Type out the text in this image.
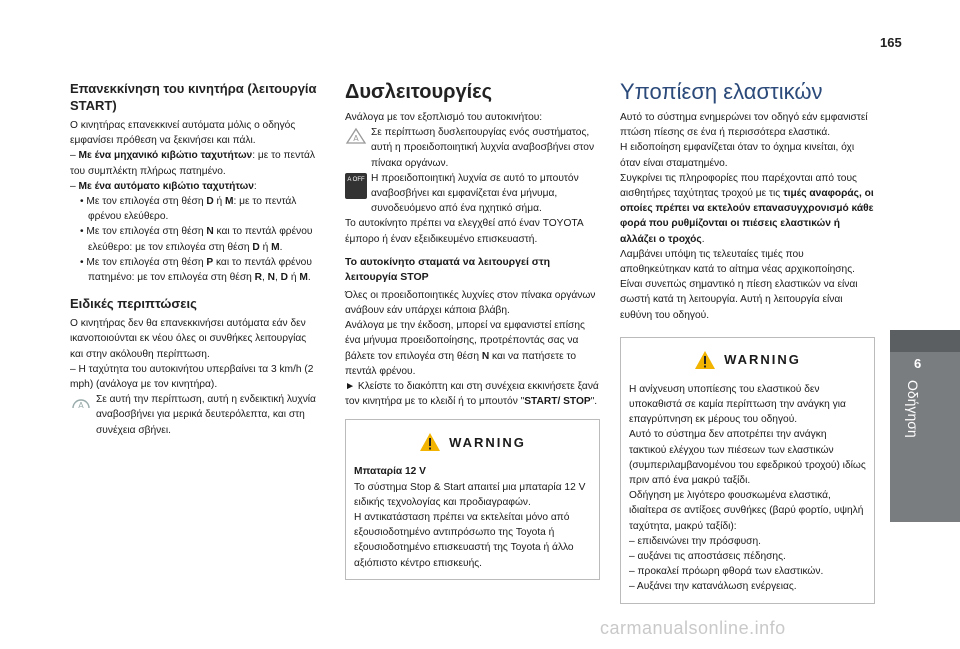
165
6
Οδήγηση
Επανεκκίνηση του κινητήρα (λειτουργία START)

Ο κινητήρας επανεκκινεί αυτόματα μόλις ο οδηγός εμφανίσει πρόθεση να ξεκινήσει και πάλι.

– Με ένα μηχανικό κιβώτιο ταχυτήτων: με το πεντάλ του συμπλέκτη πλήρως πατημένο.

– Με ένα αυτόματο κιβώτιο ταχυτήτων:

• Με τον επιλογέα στη θέση D ή M: με το πεντάλ φρένου ελεύθερο.

• Με τον επιλογέα στη θέση N και το πεντάλ φρένου ελεύθερο: με τον επιλογέα στη θέση D ή M.

• Με τον επιλογέα στη θέση P και το πεντάλ φρένου πατημένο: με τον επιλογέα στη θέση R, N, D ή M.

Ειδικές περιπτώσεις

Ο κινητήρας δεν θα επανεκκινήσει αυτόματα εάν δεν ικανοποιούνται εκ νέου όλες οι συνθήκες λειτουργίας και στην ακόλουθη περίπτωση.

– Η ταχύτητα του αυτοκινήτου υπερβαίνει τα 3 km/h (2 mph) (ανάλογα με τον κινητήρα).

A

Σε αυτή την περίπτωση, αυτή η ενδεικτική λυχνία αναβοσβήνει για μερικά δευτερόλεπτα, και στη συνέχεια σβήνει.

Δυσλειτουργίες

Ανάλογα με τον εξοπλισμό του αυτοκινήτου:

A

Σε περίπτωση δυσλειτουργίας ενός συστήματος, αυτή η προειδοποιητική λυχνία αναβοσβήνει στον πίνακα οργάνων.

A OFF Η προειδοποιητική λυχνία σε αυτό το μπουτόν αναβοσβήνει και εμφανίζεται ένα μήνυμα, συνοδευόμενο από ένα ηχητικό σήμα.

Το αυτοκίνητο πρέπει να ελεγχθεί από έναν TOYOTA έμπορο ή έναν εξειδικευμένο επισκευαστή.

Το αυτοκίνητο σταματά να λειτουργεί στη λειτουργία STOP

Όλες οι προειδοποιητικές λυχνίες στον πίνακα οργάνων ανάβουν εάν υπάρχει κάποια βλάβη.

Ανάλογα με την έκδοση, μπορεί να εμφανιστεί επίσης ένα μήνυμα προειδοποίησης, προτρέποντάς σας να βάλετε τον επιλογέα στη θέση N και να πατήσετε το πεντάλ φρένου.

► Κλείστε το διακόπτη και στη συνέχεια εκκινήσετε ξανά τον κινητήρα με το κλειδί ή το μπουτόν "START/ STOP".

WARNING

Μπαταρία 12 V

Το σύστημα Stop & Start απαιτεί μια μπαταρία 12 V ειδικής τεχνολογίας και προδιαγραφών.

Η αντικατάσταση πρέπει να εκτελείται μόνο από εξουσιοδοτημένο αντιπρόσωπο της Toyota ή εξουσιοδοτημένο επισκευαστή της Toyota ή άλλο αξιόπιστο κέντρο επισκευής.

Υποπίεση ελαστικών

Αυτό το σύστημα ενημερώνει τον οδηγό εάν εμφανιστεί πτώση πίεσης σε ένα ή περισσότερα ελαστικά.

Η ειδοποίηση εμφανίζεται όταν το όχημα κινείται, όχι όταν είναι σταματημένο.

Συγκρίνει τις πληροφορίες που παρέχονται από τους αισθητήρες ταχύτητας τροχού με τις τιμές αναφοράς, οι οποίες πρέπει να εκτελούν επανασυγχρονισμό κάθε φορά που ρυθμίζονται οι πιέσεις ελαστικών ή αλλάζει ο τροχός.

Λαμβάνει υπόψη τις τελευταίες τιμές που αποθηκεύτηκαν κατά το αίτημα νέας αρχικοποίησης.

Είναι συνεπώς σημαντικό η πίεση ελαστικών να είναι σωστή κατά τη λειτουργία. Αυτή η λειτουργία είναι ευθύνη του οδηγού.

WARNING

Η ανίχνευση υποπίεσης του ελαστικού δεν υποκαθιστά σε καμία περίπτωση την ανάγκη για επαγρύπνηση εκ μέρους του οδηγού.

Αυτό το σύστημα δεν αποτρέπει την ανάγκη τακτικού ελέγχου των πιέσεων των ελαστικών (συμπεριλαμβανομένου του εφεδρικού τροχού) ιδίως πριν από ένα μακρύ ταξίδι.

Οδήγηση με λιγότερο φουσκωμένα ελαστικά, ιδιαίτερα σε αντίξοες συνθήκες (βαρύ φορτίο, υψηλή ταχύτητα, μακρύ ταξίδι):

– επιδεινώνει την πρόσφυση.

– αυξάνει τις αποστάσεις πέδησης.

– προκαλεί πρόωρη φθορά των ελαστικών.

– Αυξάνει την κατανάλωση ενέργειας.

carmanualsonline.info
